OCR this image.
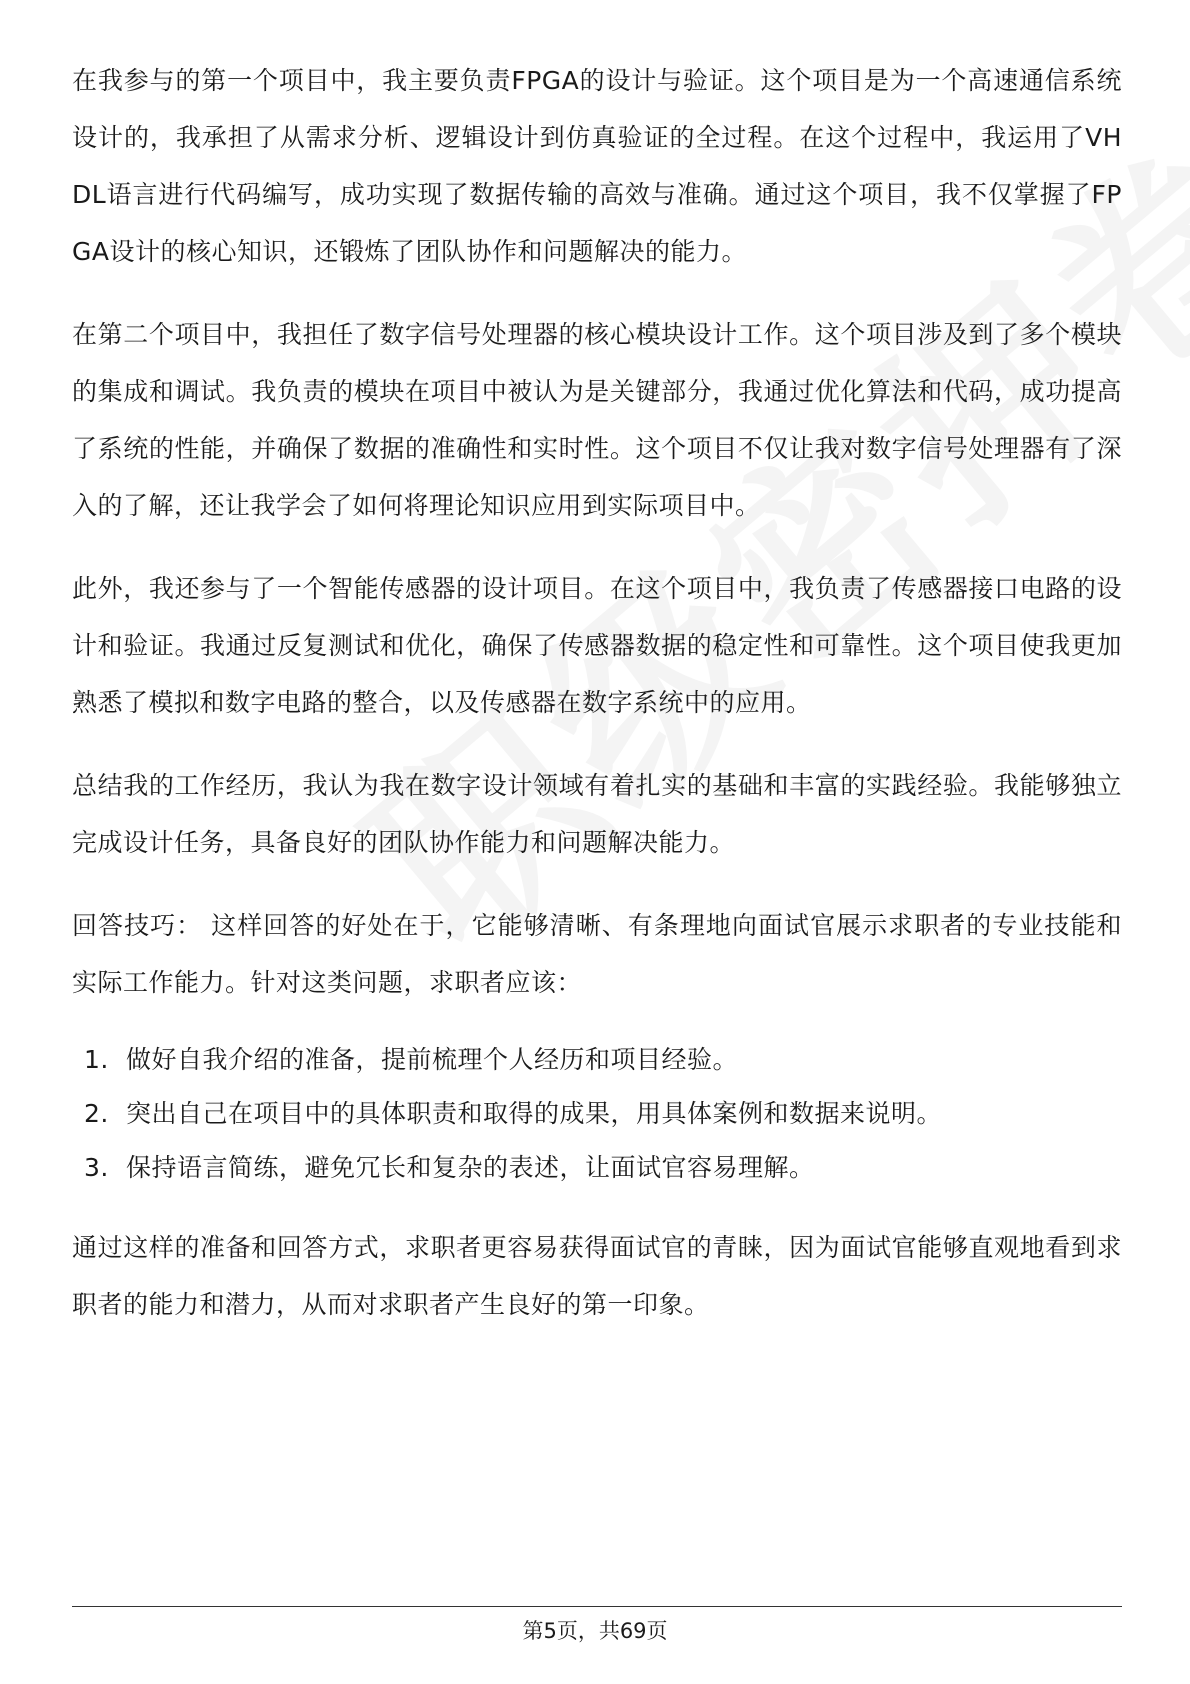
在我参与的第一个项目中，我主要负责FPGA的设计与验证。这个项目是为一个高速通信系统设计的，我承担了从需求分析、逻辑设计到仿真验证的全过程。在这个过程中，我运用了VHDL语言进行代码编写，成功实现了数据传输的高效与准确。通过这个项目，我不仅掌握了FPGA设计的核心知识，还锻炼了团队协作和问题解决的能力。

在第二个项目中，我担任了数字信号处理器的核心模块设计工作。这个项目涉及到了多个模块的集成和调试。我负责的模块在项目中被认为是关键部分，我通过优化算法和代码，成功提高了系统的性能，并确保了数据的准确性和实时性。这个项目不仅让我对数字信号处理器有了深入的了解，还让我学会了如何将理论知识应用到实际项目中。

此外，我还参与了一个智能传感器的设计项目。在这个项目中，我负责了传感器接口电路的设计和验证。我通过反复测试和优化，确保了传感器数据的稳定性和可靠性。这个项目使我更加熟悉了模拟和数字电路的整合，以及传感器在数字系统中的应用。

总结我的工作经历，我认为我在数字设计领域有着扎实的基础和丰富的实践经验。我能够独立完成设计任务，具备良好的团队协作能力和问题解决能力。

回答技巧： 这样回答的好处在于，它能够清晰、有条理地向面试官展示求职者的专业技能和实际工作能力。针对这类问题，求职者应该：

1. 做好自我介绍的准备，提前梳理个人经历和项目经验。
2. 突出自己在项目中的具体职责和取得的成果，用具体案例和数据来说明。
3. 保持语言简练，避免冗长和复杂的表述，让面试官容易理解。

通过这样的准备和回答方式，求职者更容易获得面试官的青睐，因为面试官能够直观地看到求职者的能力和潜力，从而对求职者产生良好的第一印象。

第5页，共69页
